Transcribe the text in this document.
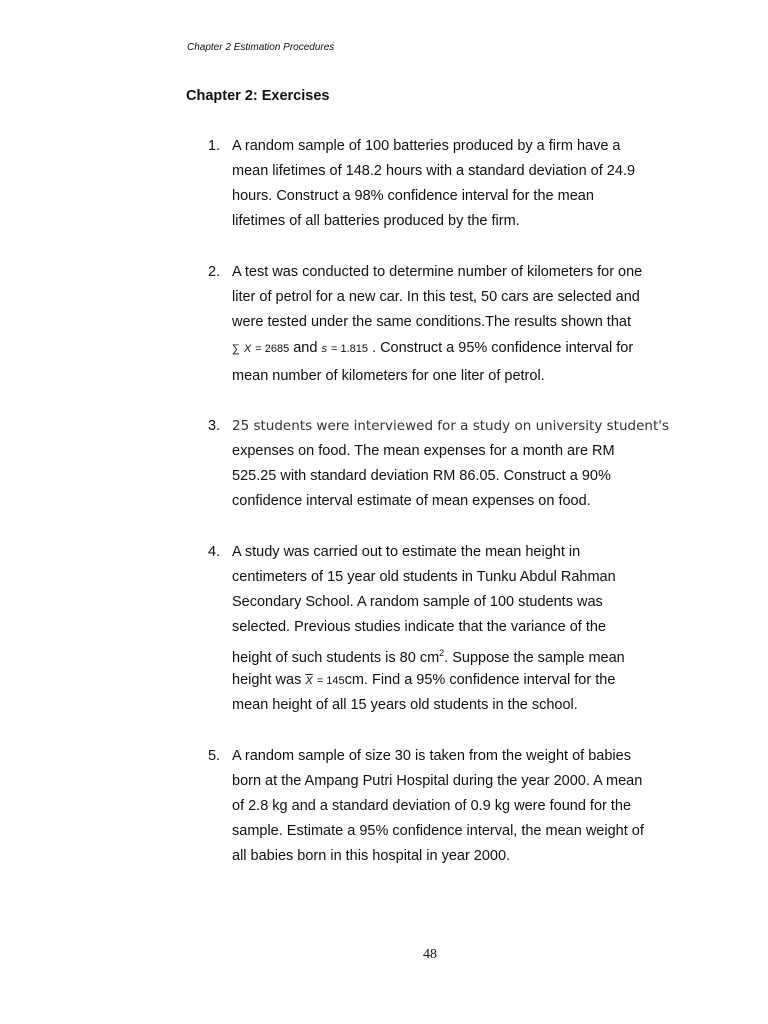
Chapter 2 Estimation Procedures
Chapter 2: Exercises
1. A random sample of 100 batteries produced by a firm have a
mean lifetimes of 148.2 hours with a standard deviation of 24.9
hours. Construct a 98% confidence interval for the mean
lifetimes of all batteries produced by the firm.
2. A test was conducted to determine number of kilometers for one
liter of petrol for a new car. In this test, 50 cars are selected and
were tested under the same conditions.The results shown that
∑ X = 2685 and s = 1.815 . Construct a 95% confidence interval for
mean number of kilometers for one liter of petrol.
3. 25 students were interviewed for a study on university student's
expenses on food. The mean expenses for a month are RM
525.25 with standard deviation RM 86.05. Construct a 90%
confidence interval estimate of mean expenses on food.
4. A study was carried out to estimate the mean height in
centimeters of 15 year old students in Tunku Abdul Rahman
Secondary School. A random sample of 100 students was
selected. Previous studies indicate that the variance of the
height of such students is 80 $cm^2$. Suppose the sample mean
height was $\overline{X} = 145cm$. Find a 95% confidence interval for the
mean height of all 15 years old students in the school.
5. A random sample of size 30 is taken from the weight of babies
born at the Ampang Putri Hospital during the year 2000. A mean
of 2.8 kg and a standard deviation of 0.9 kg were found for the
sample. Estimate a 95% confidence interval, the mean weight of
all babies born in this hospital in year 2000.
48
